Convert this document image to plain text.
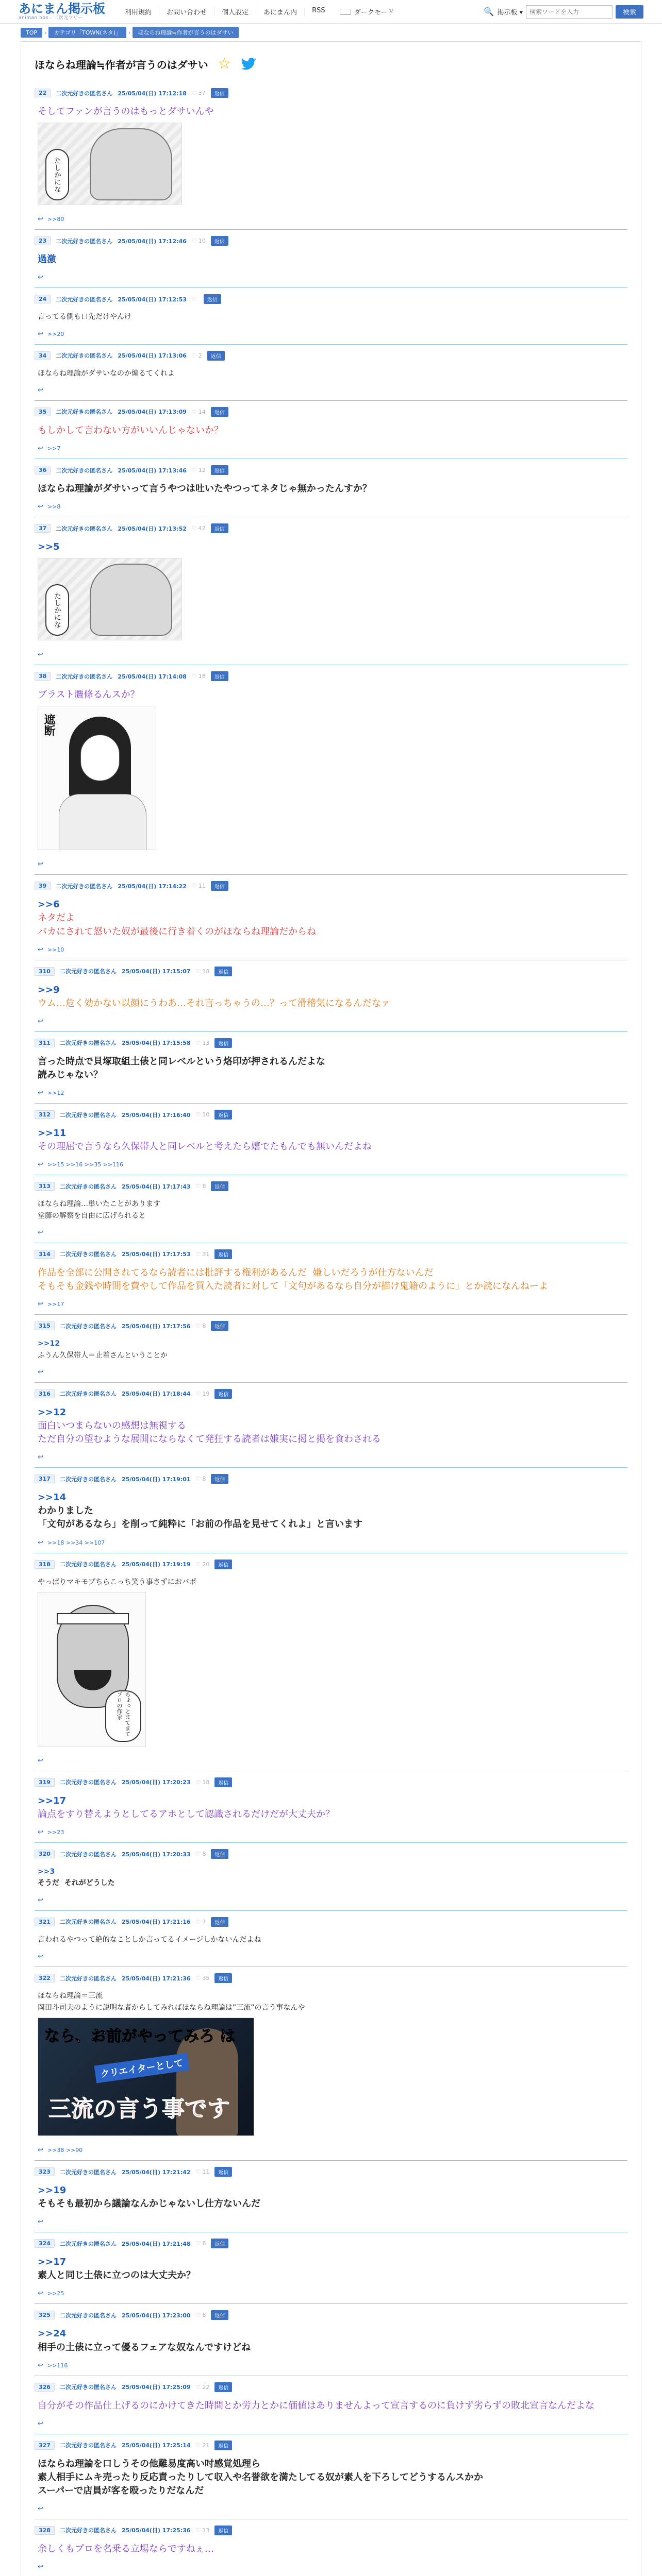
あにまん掲示板
animan bbs - 二次元フリー
利用規約	お問い合わせ	個人設定	あにまん内	RSS	ダークモード	🔍 掲示板 ▾
検索ワードを入力	検索
TOP	›	カテゴリ「TOWN(ネタ)」	›	ほならね理論≒作者が言うのはダサい
ほならね理論≒作者が言うのはダサい ☆
22	二次元好きの匿名さん 25/05/04(日) 17:12:18 ♡ 37	返信
そしてファンが言うのはもっとダサいんや
たしかにな
↩ >>80
23	二次元好きの匿名さん 25/05/04(日) 17:12:46 ♡ 10	返信
過激
↩
24	二次元好きの匿名さん 25/05/04(日) 17:12:53 ♡	返信
言ってる側も口先だけやんけ
↩ >>20
34	二次元好きの匿名さん 25/05/04(日) 17:13:06 ♡ 2	返信
ほならね理論がダサいなのか煽るてくれよ
↩
35	二次元好きの匿名さん 25/05/04(日) 17:13:09 ♡ 14	返信
もしかして言わない方がいいんじゃないか？
↩ >>7
36	二次元好きの匿名さん 25/05/04(日) 17:13:46 ♡ 12	返信
ほならね理論がダサいって言うやつは吐いたやつってネタじゃ無かったんすか？
↩ >>8
37	二次元好きの匿名さん 25/05/04(日) 17:13:52 ♡ 42	返信
>>5
たしかにな
↩
38	二次元好きの匿名さん 25/05/04(日) 17:14:08 ♡ 18	返信
ブラスト贋條るんスか？
遮断
↩
39	二次元好きの匿名さん 25/05/04(日) 17:14:22 ♡ 11	返信
>>6
ネタだよ
バカにされて怒いた奴が最後に行き着くのがほならね理論だからね
↩ >>10
310	二次元好きの匿名さん 25/05/04(日) 17:15:07 ♡ 18	返信
>>9
ウム…危く効かない以顔にうわあ…それ言っちゃうの…？って滑稽気になるんだなァ
↩
311	二次元好きの匿名さん 25/05/04(日) 17:15:58 ♡ 13	返信
言った時点で貝塚取組土俵と同レベルという烙印が押されるんだよな
読みじゃない？
↩ >>12
312	二次元好きの匿名さん 25/05/04(日) 17:16:40 ♡ 10	返信
>>11
その理屈で言うなら久保帯人と同レベルと考えたら嬉でたもんでも無いんだよね
↩ >>15 >>16 >>35 >>116
313	二次元好きの匿名さん 25/05/04(日) 17:17:43 ♡ 8	返信
ほならね理論…単いたことがあります
堂藤の解察を自由に広げられると
↩
314	二次元好きの匿名さん 25/05/04(日) 17:17:53 ♡ 31	返信
作品を全部に公開されてるなら読者には批評する権利があるんだ  嫌しいだろうが仕方ないんだ
そもそも金銭や時間を費やして作品を買入た読者に対して「文句があるなら自分が描け鬼籍のように」とか読になんねーよ
↩ >>17
315	二次元好きの匿名さん 25/05/04(日) 17:17:56 ♡ 8	返信
>>12
ふうん久保帯人＝止着さんということか
↩
316	二次元好きの匿名さん 25/05/04(日) 17:18:44 ♡ 19	返信
>>12
面白いつまらないの感想は無視する
ただ自分の望むような展開にならなくて発狂する読者は嫌実に掲と掲を食わされる
↩
317	二次元好きの匿名さん 25/05/04(日) 17:19:01 ♡ 8	返信
>>14
わかりました
「文句があるなら」を削って純粋に「お前の作品を見せてくれよ」と言います
↩ >>18 >>34 >>107
318	二次元好きの匿名さん 25/05/04(日) 17:19:19 ♡ 20	返信
やっぱりマキモプちらこっち笑う事さずにおバポ
ちょっとまてまてプロの作家
↩
319	二次元好きの匿名さん 25/05/04(日) 17:20:23 ♡ 18	返信
>>17
論点をすり替えようとしてるアホとして認識されるだけだが大丈夫か？
↩ >>23
320	二次元好きの匿名さん 25/05/04(日) 17:20:33 ♡ 8	返信
>>3
そうだ  それがどうした
↩
321	二次元好きの匿名さん 25/05/04(日) 17:21:16 ♡ 7	返信
言われるやつって絶的なことしか言ってるイメージしかないんだよね
↩
322	二次元好きの匿名さん 25/05/04(日) 17:21:36 ♡ 35	返信
ほならね理論＝三流
岡田斗司夫のように説明な者からしてみればほならね理論は”三流”の言う事なんや
なら、お前がやってみろ は
クリエイターとして
三流の言う事です
↩ >>38 >>90
323	二次元好きの匿名さん 25/05/04(日) 17:21:42 ♡ 11	返信
>>19
そもそも最初から議論なんかじゃないし仕方ないんだ
↩
324	二次元好きの匿名さん 25/05/04(日) 17:21:48 ♡ 8	返信
>>17
素人と同じ土俵に立つのは大丈夫か？
↩ >>25
325	二次元好きの匿名さん 25/05/04(日) 17:23:00 ♡ 8	返信
>>24
相手の土俵に立って優るフェアな奴なんですけどね
↩ >>116
326	二次元好きの匿名さん 25/05/04(日) 17:25:09 ♡ 22	返信
自分がその作品仕上げるのにかけてきた時間とか労力とかに価値はありませんよって宣言するのに負けず劣らずの敗北宣言なんだよな
↩
327	二次元好きの匿名さん 25/05/04(日) 17:25:14 ♡ 21	返信
ほならね理論を口しうその他難易度高い吋感覚処理ら
素人相手にムキ売ったり反応責ったりして収入や名誉欲を満たしてる奴が素人を下ろしてどうするんスかか
スーパーで店員が客を殴ったりだなんだ
↩
328	二次元好きの匿名さん 25/05/04(日) 17:25:36 ♡ 13	返信
余しくもプロを名乗る立場ならですねぇ…
↩
